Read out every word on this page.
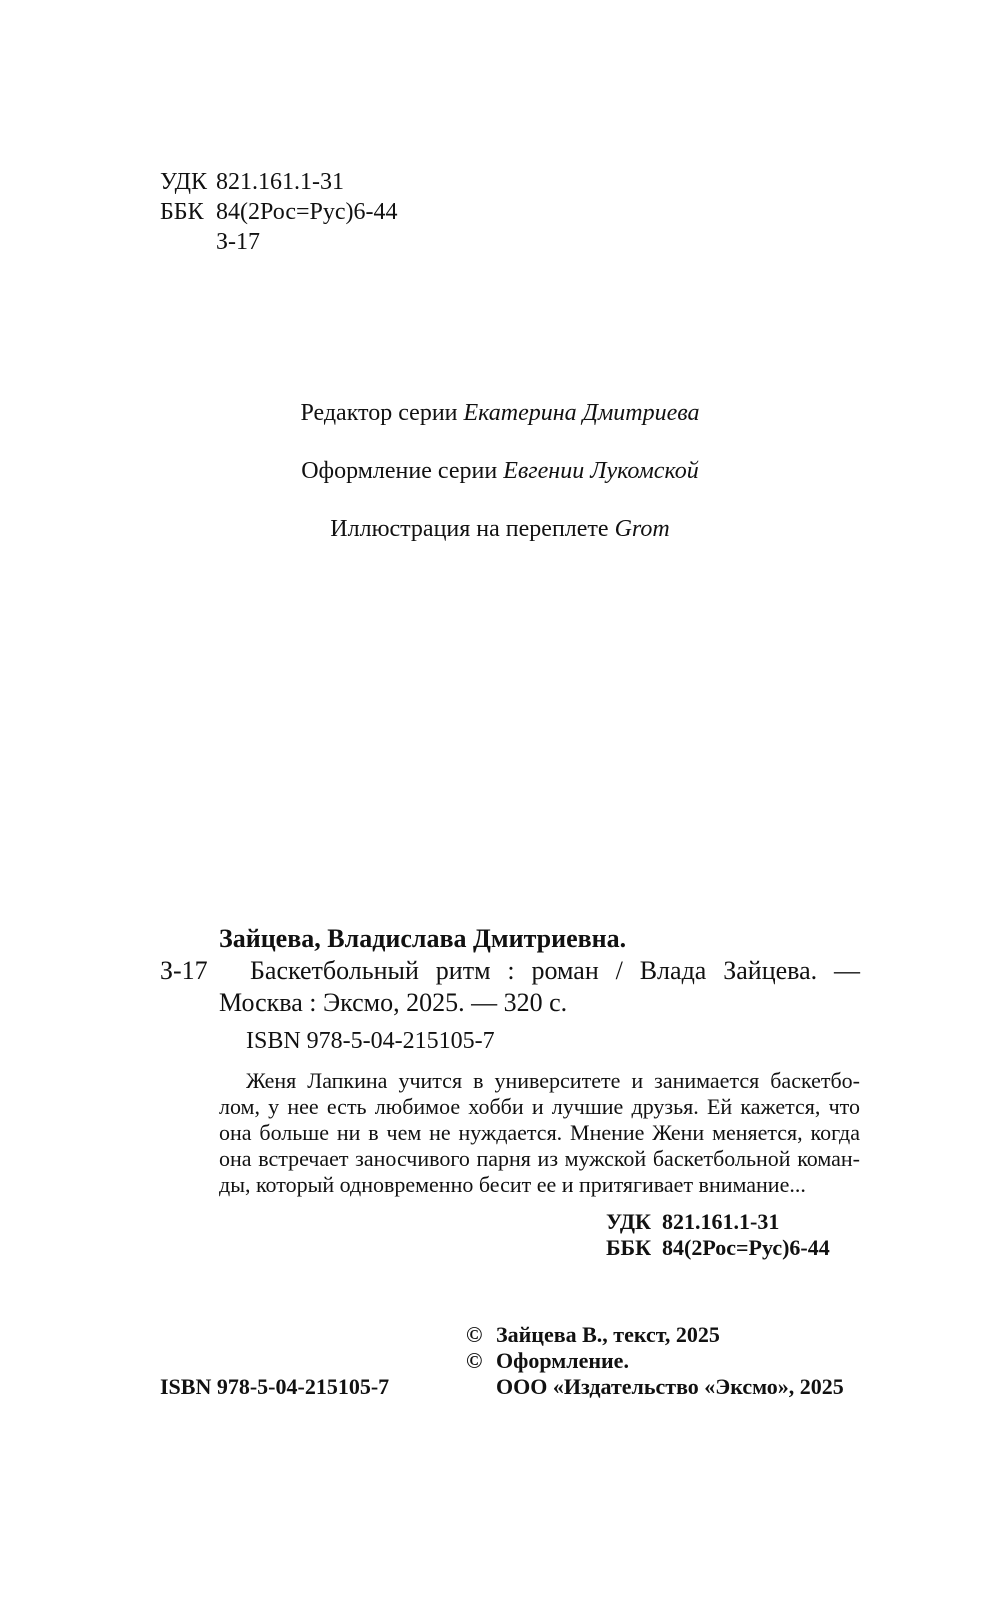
УДК 821.161.1-31
ББК 84(2Рос=Рус)6-44
З-17
Редактор серии Екатерина Дмитриева
Оформление серии Евгении Лукомской
Иллюстрация на переплете Grom
Зайцева, Владислава Дмитриевна.
З-17 Баскетбольный ритм : роман / Влада Зайцева. —
Москва : Эксмо, 2025. — 320 с.
ISBN 978-5-04-215105-7
Женя Лапкина учится в университете и занимается баскетбо-
лом, у нее есть любимое хобби и лучшие друзья. Ей кажется, что
она больше ни в чем не нуждается. Мнение Жени меняется, когда
она встречает заносчивого парня из мужской баскетбольной коман-
ды, который одновременно бесит ее и притягивает внимание...
УДК  821.161.1-31
ББК  84(2Рос=Рус)6-44
© Зайцева В., текст, 2025
© Оформление.
ООО «Издательство «Эксмо», 2025
ISBN 978-5-04-215105-7
